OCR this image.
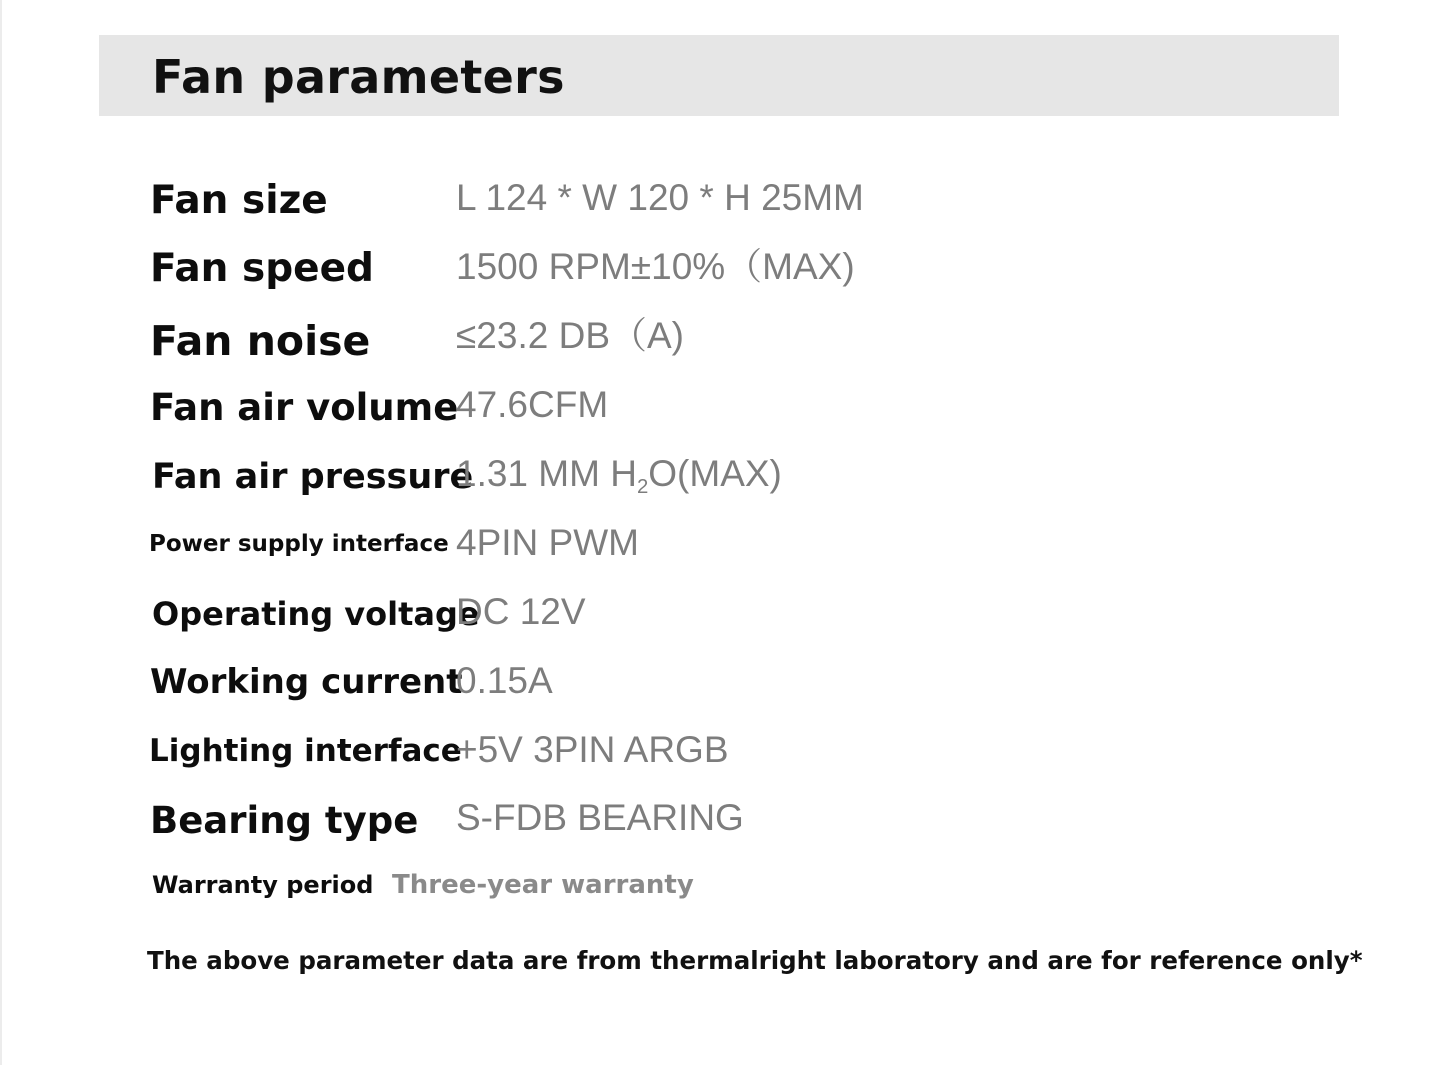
Fan parameters
Fan size	L 124 * W 120 * H 25MM
Fan speed 1500 RPM±10%（MAX)
Fan noise ≤23.2 DB（A)
Fan air volume
47.6CFM
Fan air pressure
1.31 MM H2O(MAX)
Power supply interface 4PIN PWM
Operating voltage
DC 12V
Working current
0.15A
Lighting interface
+5V 3PIN ARGB
Bearing type S-FDB BEARING
Warranty period Three-year warranty
The above parameter data are from thermalright laboratory and are for reference only*
